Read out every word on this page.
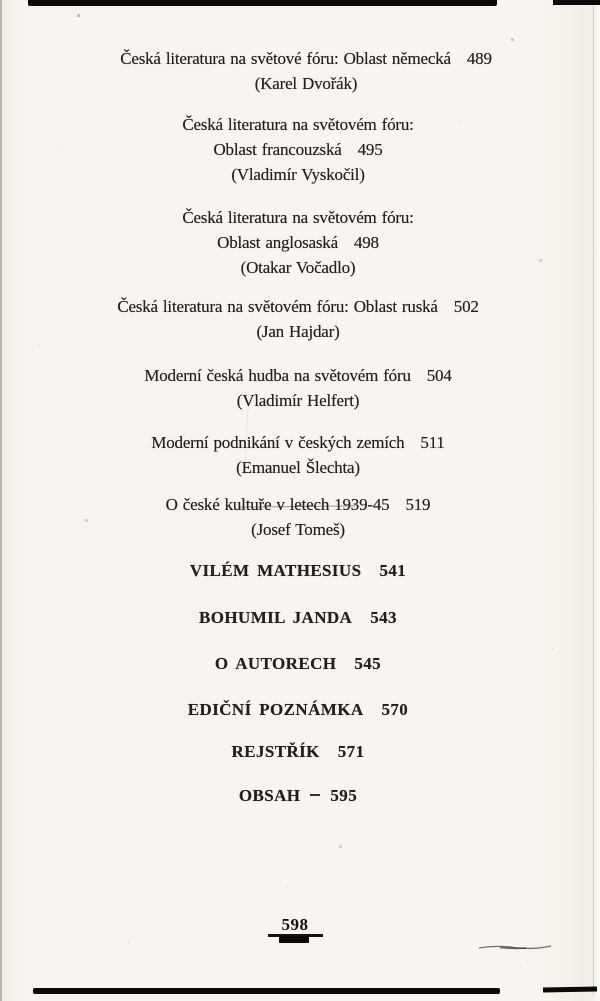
Česká literatura na světové fóru: Oblast německá 489
(Karel Dvořák)
Česká literatura na světovém fóru:
Oblast francouzská 495
(Vladimír Vyskočil)
Česká literatura na světovém fóru:
Oblast anglosaská 498
(Otakar Vočadlo)
Česká literatura na světovém fóru: Oblast ruská 502
(Jan Hajdar)
Moderní česká hudba na světovém fóru 504
(Vladimír Helfert)
Moderní podnikání v českých zemích 511
(Emanuel Šlechta)
O české kultuře v letech 1939-45 519
(Josef Tomeš)
VILÉM MATHESIUS 541
BOHUMIL JANDA 543
O AUTORECH 545
EDIČNÍ POZNÁMKA 570
REJSTŘÍK 571
OBSAH 595
598
